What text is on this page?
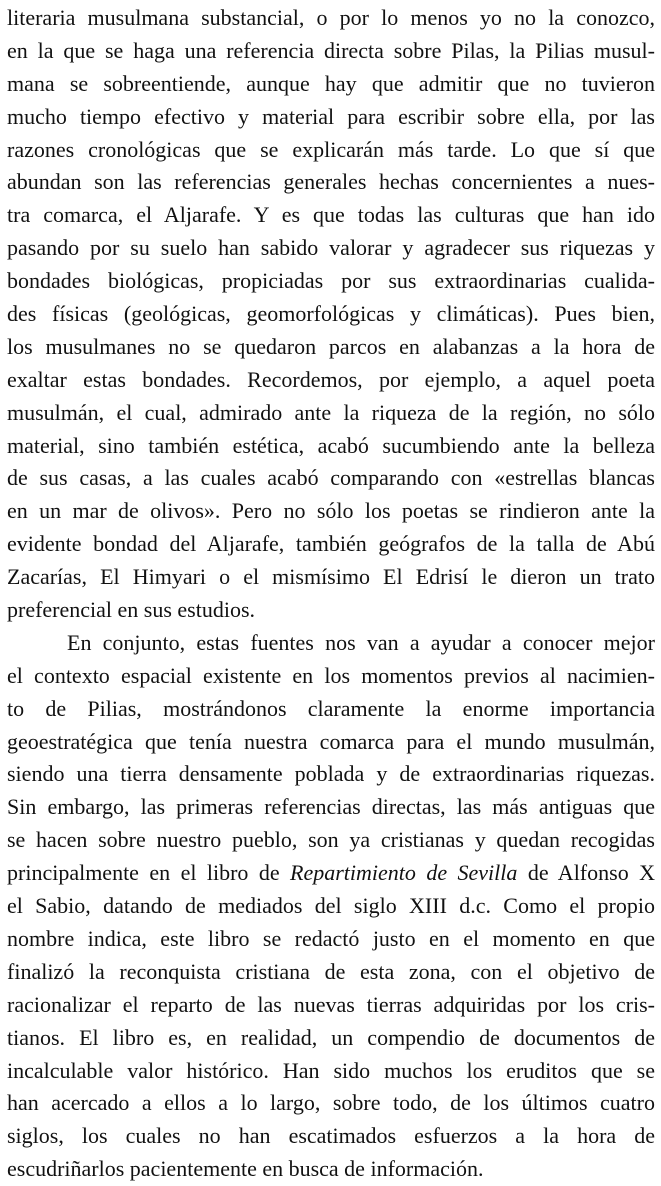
literaria musulmana substancial, o por lo menos yo no la conozco,
en la que se haga una referencia directa sobre Pilas, la Pilias musul-
mana se sobreentiende, aunque hay que admitir que no tuvieron
mucho tiempo efectivo y material para escribir sobre ella, por las
razones cronológicas que se explicarán más tarde. Lo que sí que
abundan son las referencias generales hechas concernientes a nues-
tra comarca, el Aljarafe. Y es que todas las culturas que han ido
pasando por su suelo han sabido valorar y agradecer sus riquezas y
bondades biológicas, propiciadas por sus extraordinarias cualida-
des físicas (geológicas, geomorfológicas y climáticas). Pues bien,
los musulmanes no se quedaron parcos en alabanzas a la hora de
exaltar estas bondades. Recordemos, por ejemplo, a aquel poeta
musulmán, el cual, admirado ante la riqueza de la región, no sólo
material, sino también estética, acabó sucumbiendo ante la belleza
de sus casas, a las cuales acabó comparando con «estrellas blancas
en un mar de olivos». Pero no sólo los poetas se rindieron ante la
evidente bondad del Aljarafe, también geógrafos de la talla de Abú
Zacarías, El Himyari o el mismísimo El Edrisí le dieron un trato
preferencial en sus estudios.

En conjunto, estas fuentes nos van a ayudar a conocer mejor
el contexto espacial existente en los momentos previos al nacimien-
to de Pilias, mostrándonos claramente la enorme importancia
geoestratégica que tenía nuestra comarca para el mundo musulmán,
siendo una tierra densamente poblada y de extraordinarias riquezas.
Sin embargo, las primeras referencias directas, las más antiguas que
se hacen sobre nuestro pueblo, son ya cristianas y quedan recogidas
principalmente en el libro de Repartimiento de Sevilla de Alfonso X
el Sabio, datando de mediados del siglo XIII d.c. Como el propio
nombre indica, este libro se redactó justo en el momento en que
finalizó la reconquista cristiana de esta zona, con el objetivo de
racionalizar el reparto de las nuevas tierras adquiridas por los cris-
tianos. El libro es, en realidad, un compendio de documentos de
incalculable valor histórico. Han sido muchos los eruditos que se
han acercado a ellos a lo largo, sobre todo, de los últimos cuatro
siglos, los cuales no han escatimados esfuerzos a la hora de
escudriñarlos pacientemente en busca de información.
